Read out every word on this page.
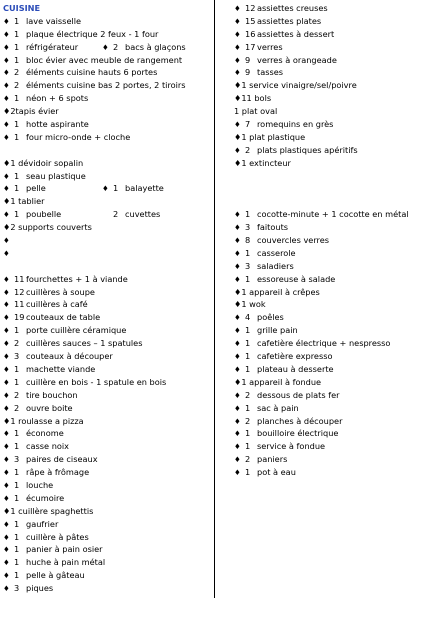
CUISINE
♦ 1 lave vaisselle
♦ 1 plaque électrique 2 feux - 1 four
♦ 1 réfrigérateur	♦ 2 bacs à glaçons
♦ 1 bloc évier avec meuble de rangement
♦ 2 éléments cuisine hauts 6 portes
♦ 2 éléments cuisine bas 2 portes, 2 tiroirs
♦ 1 néon + 6 spots
♦2tapis évier
♦ 1 hotte aspirante
♦ 1 four micro-onde + cloche
♦1 dévidoir sopalin
♦ 1 seau plastique
♦ 1 pelle	♦ 1 balayette
♦1 tablier
♦ 1 poubelle	2 cuvettes
♦2 supports couverts
♦
♦
♦ 11 fourchettes + 1 à viande
♦ 12 cuillères à soupe
♦ 11 cuillères à café
♦ 19 couteaux de table
♦ 1 porte cuillère céramique
♦ 2 cuillères sauces – 1 spatules
♦ 3 couteaux à découper
♦ 1 machette viande
♦ 1 cuillère en bois - 1 spatule en bois
♦ 2 tire bouchon
♦ 2 ouvre boite
♦1 roulasse a pizza
♦ 1 économe
♦ 1 casse noix
♦ 3 paires de ciseaux
♦ 1 râpe à frômage
♦ 1 louche
♦ 1 écumoire
♦1 cuillère spaghettis
♦ 1 gaufrier
♦ 1 cuillère à pâtes
♦ 1 panier à pain osier
♦ 1 huche à pain métal
♦ 1 pelle à gâteau
♦ 3 piques
♦ 12 assiettes creuses
♦ 15 assiettes plates
♦ 16 assiettes à dessert
♦ 17 verres
♦ 9 verres à orangeade
♦ 9 tasses
♦1 service vinaigre/sel/poivre
♦11 bols
1 plat oval
♦ 7 romequins en grès
♦1 plat plastique
♦ 2 plats plastiques apéritifs
♦1 extincteur
♦ 1 cocotte-minute + 1 cocotte en métal
♦ 3 faitouts
♦ 8 couvercles verres
♦ 1 casserole
♦ 3 saladiers
♦ 1 essoreuse à salade
♦1 appareil à crêpes
♦1 wok
♦ 4 poêles
♦ 1 grille pain
♦ 1 cafetière électrique + nespresso
♦ 1 cafetière expresso
♦ 1 plateau à desserte
♦1 appareil à fondue
♦ 2 dessous de plats fer
♦ 1 sac à pain
♦ 2 planches à découper
♦ 1 bouilloire électrique
♦ 1 service à fondue
♦ 2 paniers
♦ 1 pot à eau
